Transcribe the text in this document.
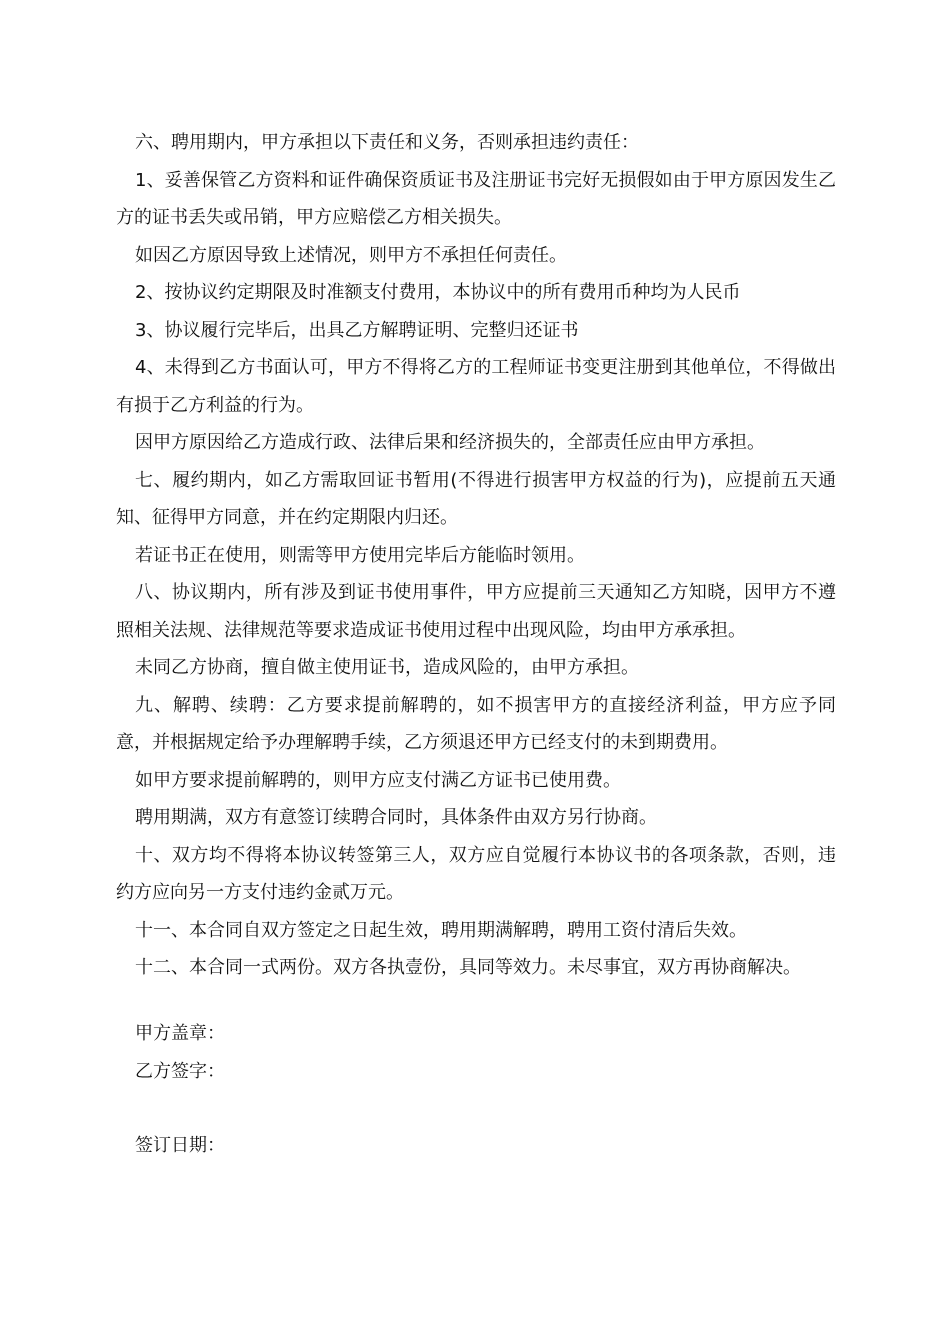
六、聘用期内，甲方承担以下责任和义务，否则承担违约责任：

1、妥善保管乙方资料和证件确保资质证书及注册证书完好无损假如由于甲方原因发生乙方的证书丢失或吊销，甲方应赔偿乙方相关损失。

如因乙方原因导致上述情况，则甲方不承担任何责任。

2、按协议约定期限及时准额支付费用，本协议中的所有费用币种均为人民币

3、协议履行完毕后，出具乙方解聘证明、完整归还证书

4、未得到乙方书面认可，甲方不得将乙方的工程师证书变更注册到其他单位，不得做出有损于乙方利益的行为。

因甲方原因给乙方造成行政、法律后果和经济损失的，全部责任应由甲方承担。

七、履约期内，如乙方需取回证书暂用(不得进行损害甲方权益的行为)，应提前五天通知、征得甲方同意，并在约定期限内归还。

若证书正在使用，则需等甲方使用完毕后方能临时领用。

八、协议期内，所有涉及到证书使用事件，甲方应提前三天通知乙方知晓，因甲方不遵照相关法规、法律规范等要求造成证书使用过程中出现风险，均由甲方承承担。

未同乙方协商，擅自做主使用证书，造成风险的，由甲方承担。

九、解聘、续聘：乙方要求提前解聘的，如不损害甲方的直接经济利益，甲方应予同意，并根据规定给予办理解聘手续，乙方须退还甲方已经支付的未到期费用。

如甲方要求提前解聘的，则甲方应支付满乙方证书已使用费。

聘用期满，双方有意签订续聘合同时，具体条件由双方另行协商。

十、双方均不得将本协议转签第三人，双方应自觉履行本协议书的各项条款，否则，违约方应向另一方支付违约金贰万元。

十一、本合同自双方签定之日起生效，聘用期满解聘，聘用工资付清后失效。

十二、本合同一式两份。双方各执壹份，具同等效力。未尽事宜，双方再协商解决。

甲方盖章：

乙方签字：

签订日期：
